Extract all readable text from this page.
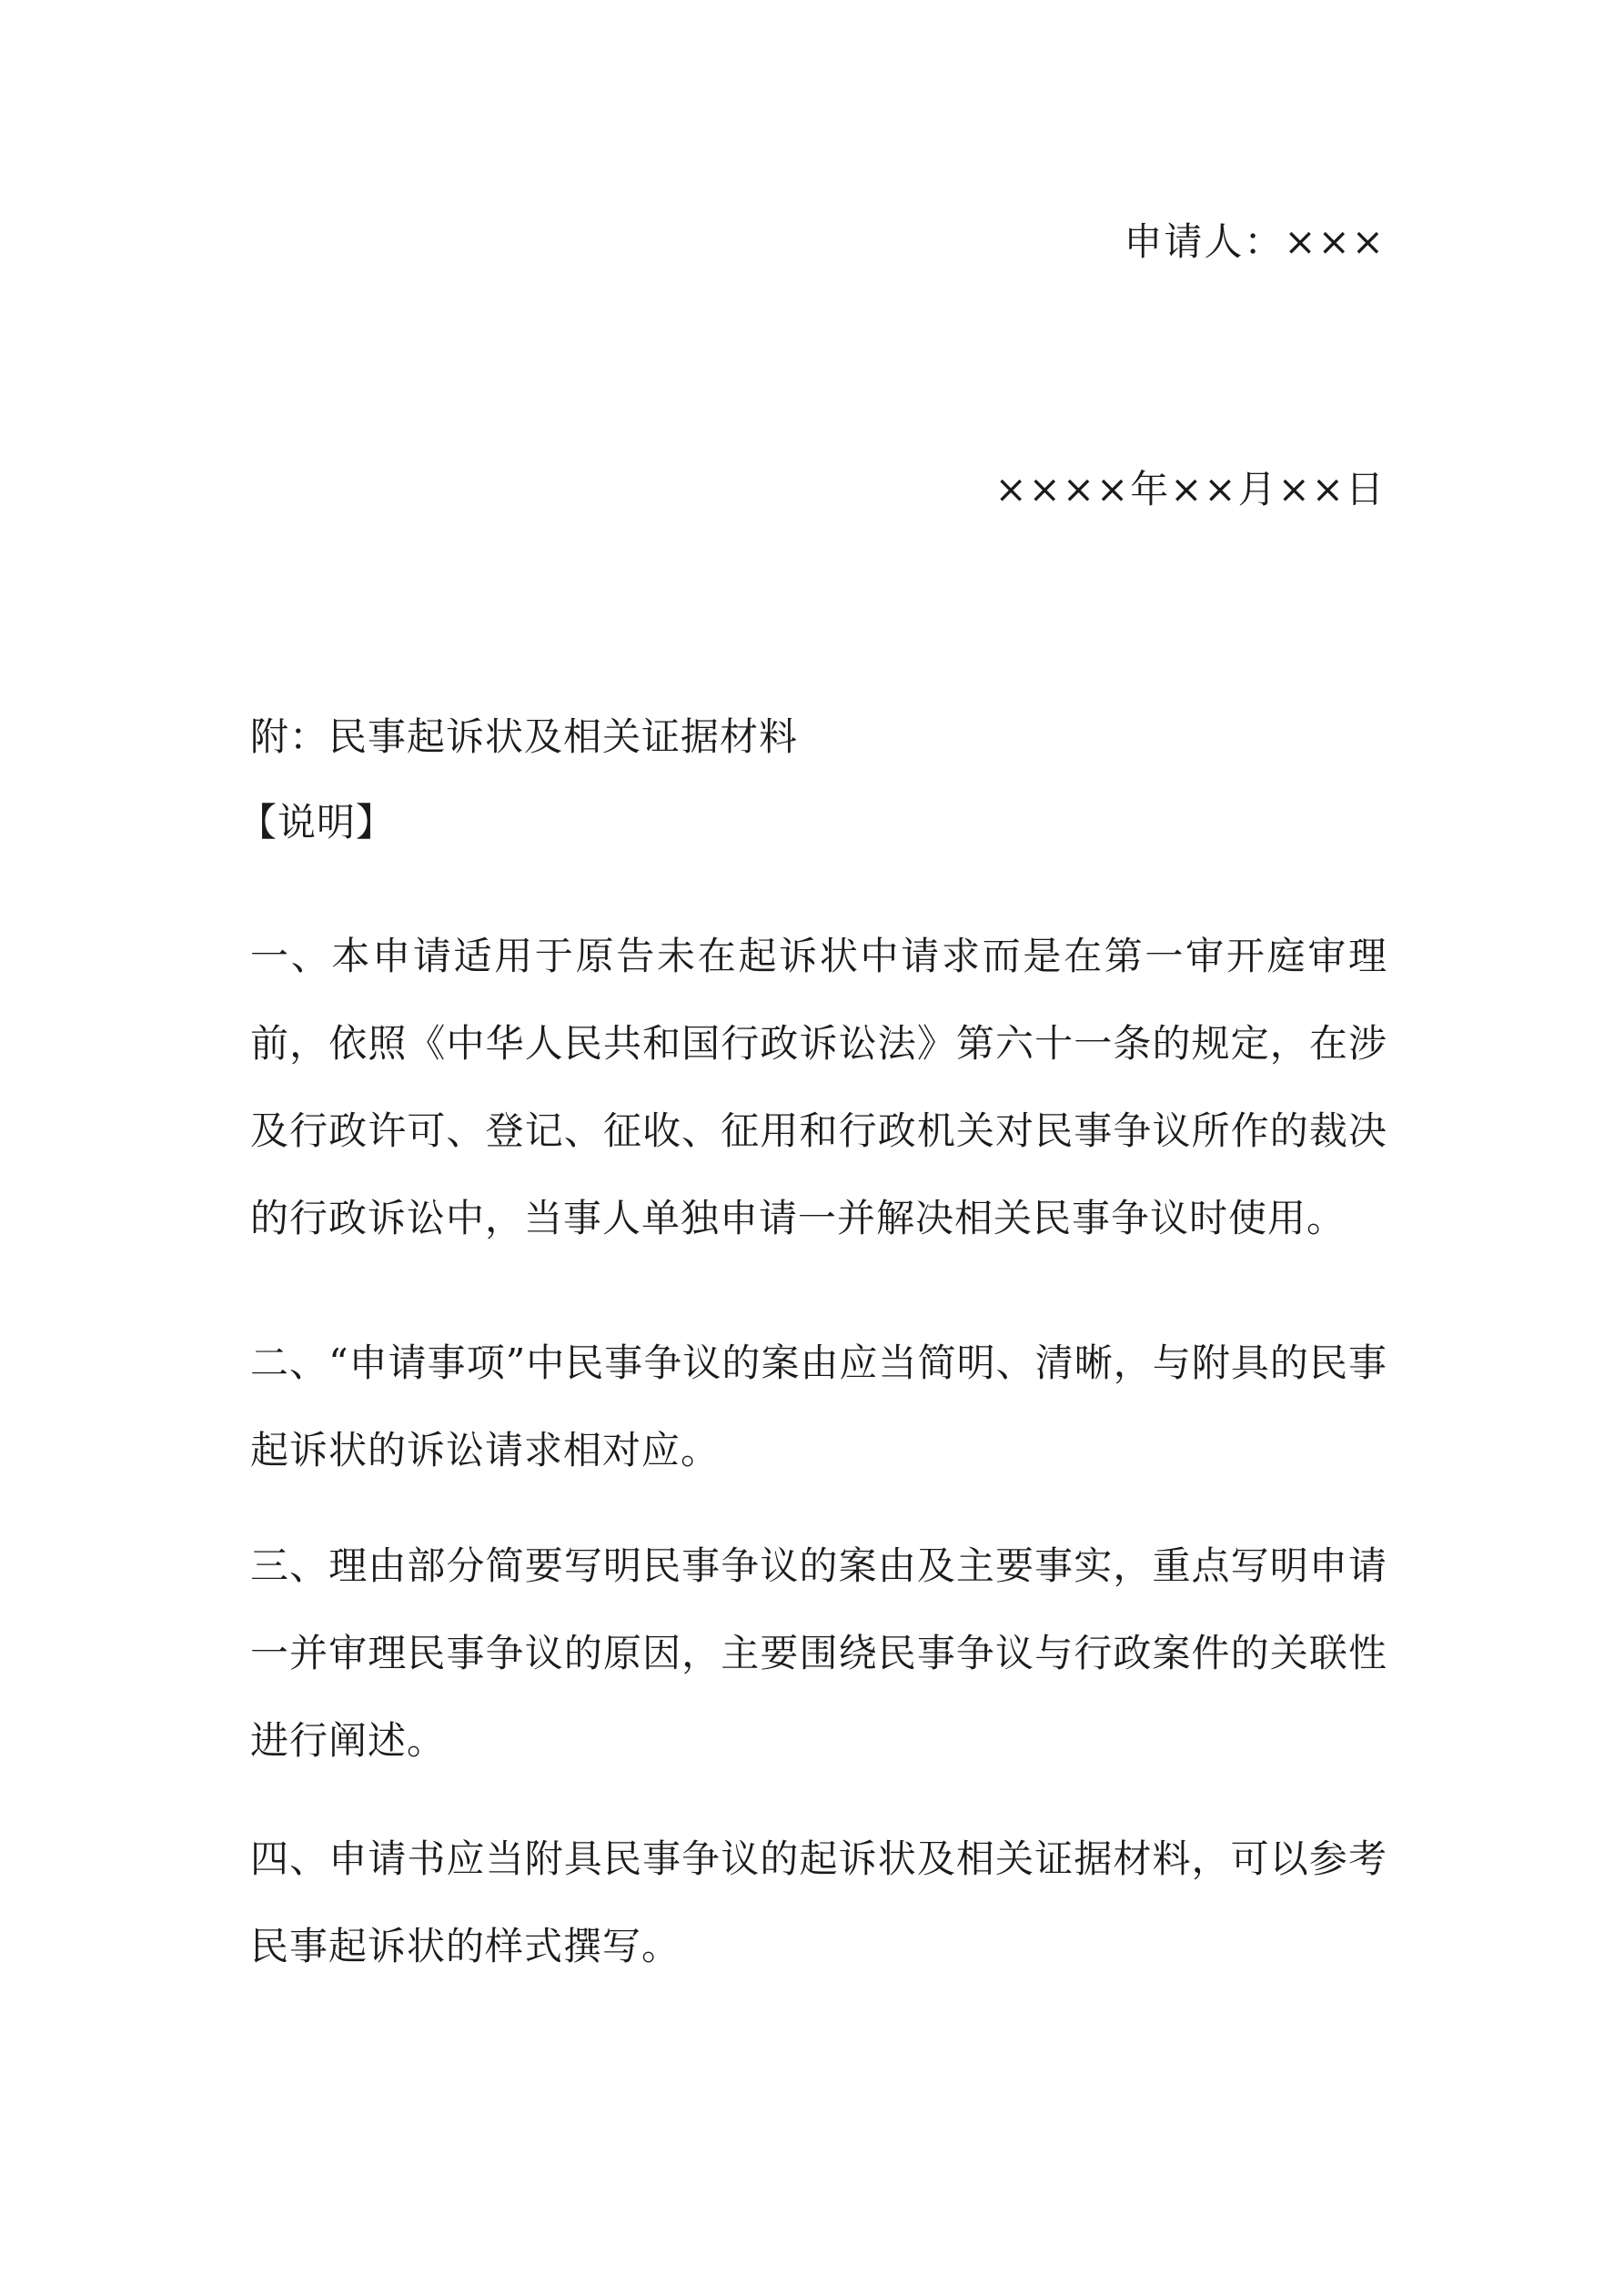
申请人：×××
××××年××月××日

附：民事起诉状及相关证据材料

【说明】

一、本申请适用于原告未在起诉状中请求而是在第一审开庭审理前，依照《中华人民共和国行政诉讼法》第六十一条的规定，在涉及行政许可、登记、征收、征用和行政机关对民事争议所作的裁决的行政诉讼中，当事人单独申请一并解决相关民事争议时使用。

二、“申请事项”中民事争议的案由应当简明、清晰，与附具的民事起诉状的诉讼请求相对应。

三、理由部分简要写明民事争议的案由及主要事实，重点写明申请一并审理民事争议的原因，主要围绕民事争议与行政案件的关联性进行阐述。

四、申请书应当附具民事争议的起诉状及相关证据材料，可以参考民事起诉状的样式撰写。
